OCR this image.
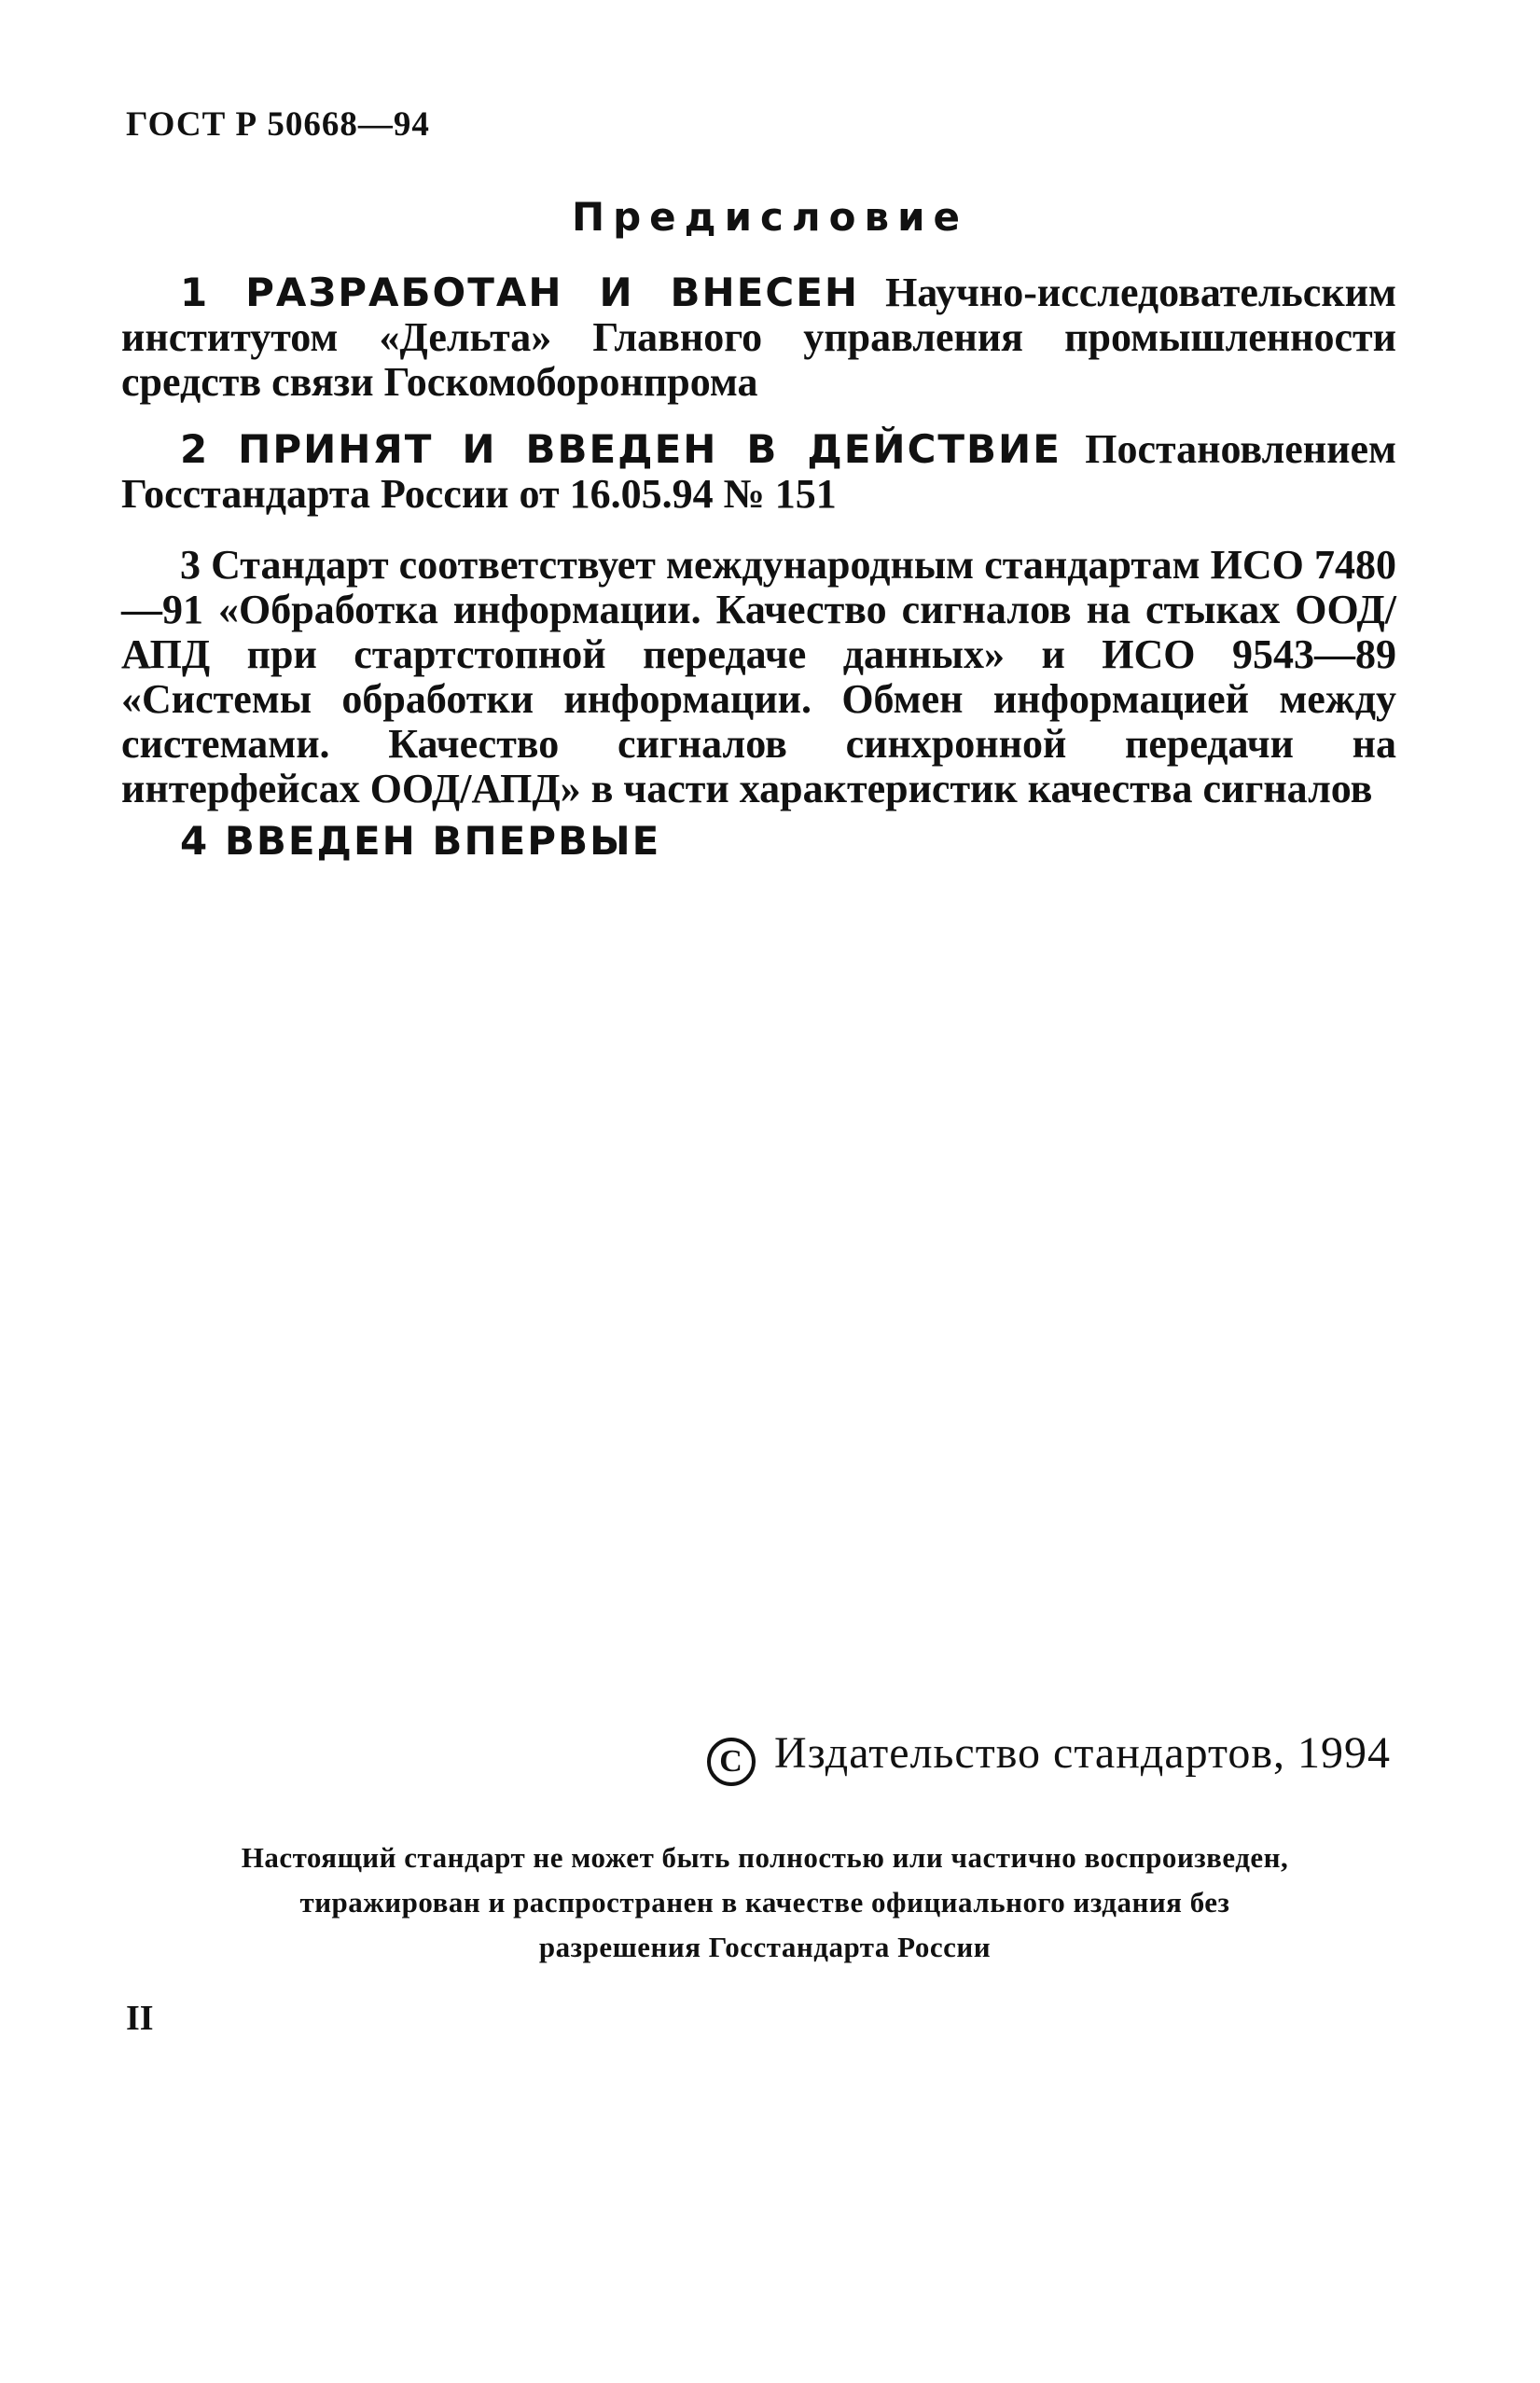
ГОСТ Р 50668—94
Предисловие

1 РАЗРАБОТАН И ВНЕСЕН Научно-исследовательским институтом «Дельта» Главного управления промышленности средств связи Госкомоборонпрома

2 ПРИНЯТ И ВВЕДЕН В ДЕЙСТВИЕ Постановлением Госстандарта России от 16.05.94 № 151

3 Стандарт соответствует международным стандартам ИСО 7480—91 «Обработка информации. Качество сигналов на стыках ООД/АПД при стартстопной передаче данных» и ИСО 9543—89 «Системы обработки информации. Обмен информацией между системами. Качество сигналов синхронной передачи на интерфейсах ООД/АПД» в части характеристик качества сигналов

4 ВВЕДЕН ВПЕРВЫЕ

С Издательство стандартов, 1994
Настоящий стандарт не может быть полностью или частично воспроизведен,
тиражирован и распространен в качестве официального издания без
разрешения Госстандарта России
II
